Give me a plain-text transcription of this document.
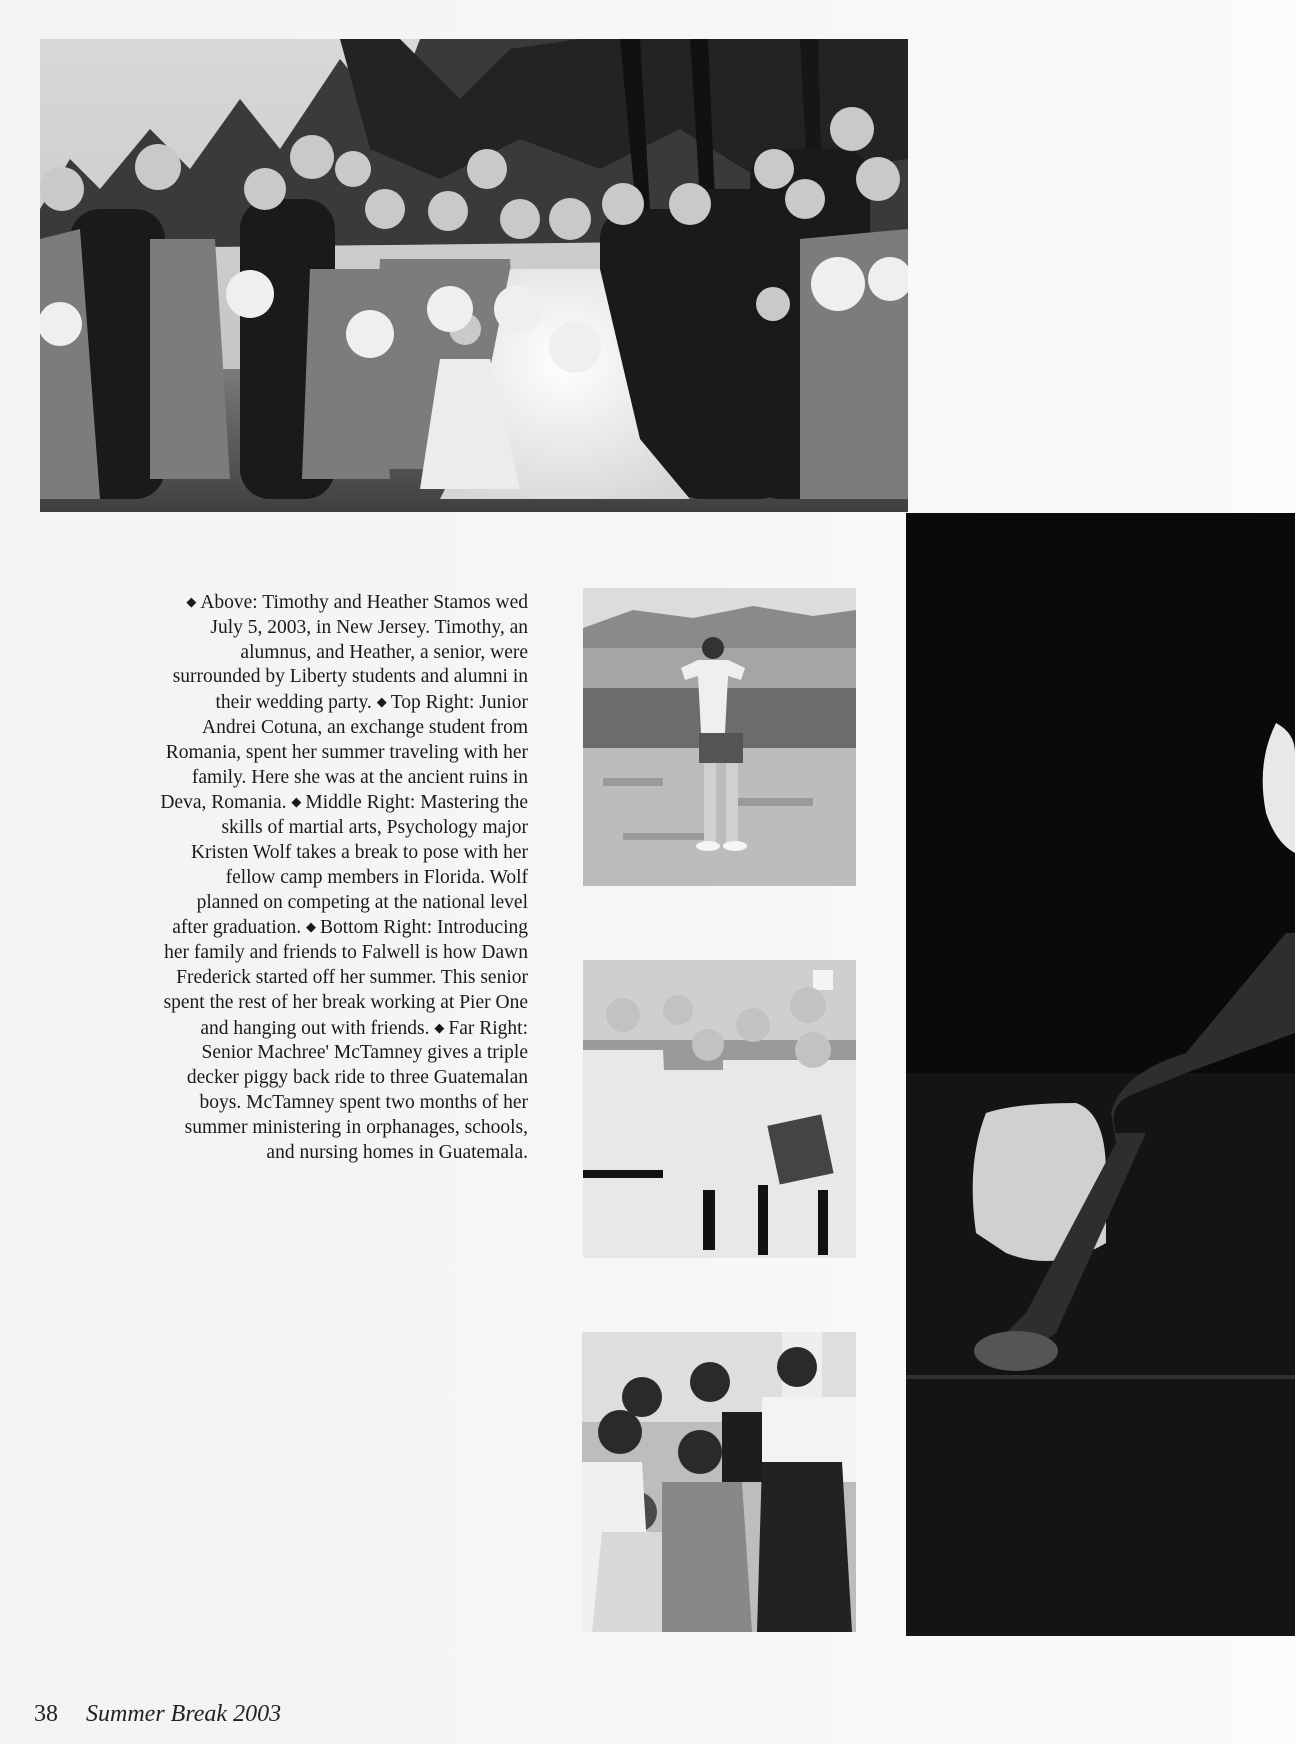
◆ Above: Timothy and Heather Stamos wed July 5, 2003, in New Jersey. Timothy, an alumnus, and Heather, a senior, were surrounded by Liberty students and alumni in their wedding party. ◆ Top Right: Junior Andrei Cotuna, an exchange student from Romania, spent her summer traveling with her family. Here she was at the ancient ruins in Deva, Romania. ◆ Middle Right: Mastering the skills of martial arts, Psychology major Kristen Wolf takes a break to pose with her fellow camp members in Florida. Wolf planned on competing at the national level after graduation. ◆ Bottom Right: Introducing her family and friends to Falwell is how Dawn Frederick started off her summer. This senior spent the rest of her break working at Pier One and hanging out with friends. ◆ Far Right: Senior Machree' McTamney gives a triple decker piggy back ride to three Guatemalan boys. McTamney spent two months of her summer ministering in orphanages, schools, and nursing homes in Guatemala.
38 Summer Break 2003
